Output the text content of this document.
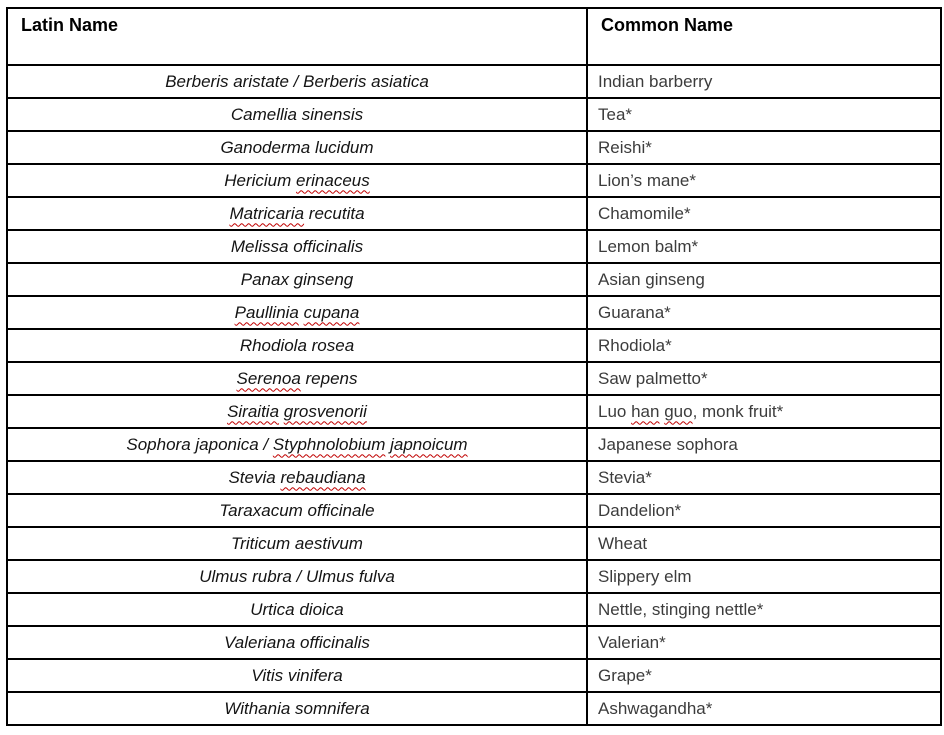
Latin Name	Common Name
Berberis aristate / Berberis asiatica	Indian barberry
Camellia sinensis	Tea*
Ganoderma lucidum	Reishi*
Hericium erinaceus	Lion’s mane*
Matricaria recutita	Chamomile*
Melissa officinalis	Lemon balm*
Panax ginseng	Asian ginseng
Paullinia cupana	Guarana*
Rhodiola rosea	Rhodiola*
Serenoa repens	Saw palmetto*
Siraitia grosvenorii	Luo han guo, monk fruit*
Sophora japonica / Styphnolobium japnoicum	Japanese sophora
Stevia rebaudiana	Stevia*
Taraxacum officinale	Dandelion*
Triticum aestivum	Wheat
Ulmus rubra / Ulmus fulva	Slippery elm
Urtica dioica	Nettle, stinging nettle*
Valeriana officinalis	Valerian*
Vitis vinifera	Grape*
Withania somnifera	Ashwagandha*
